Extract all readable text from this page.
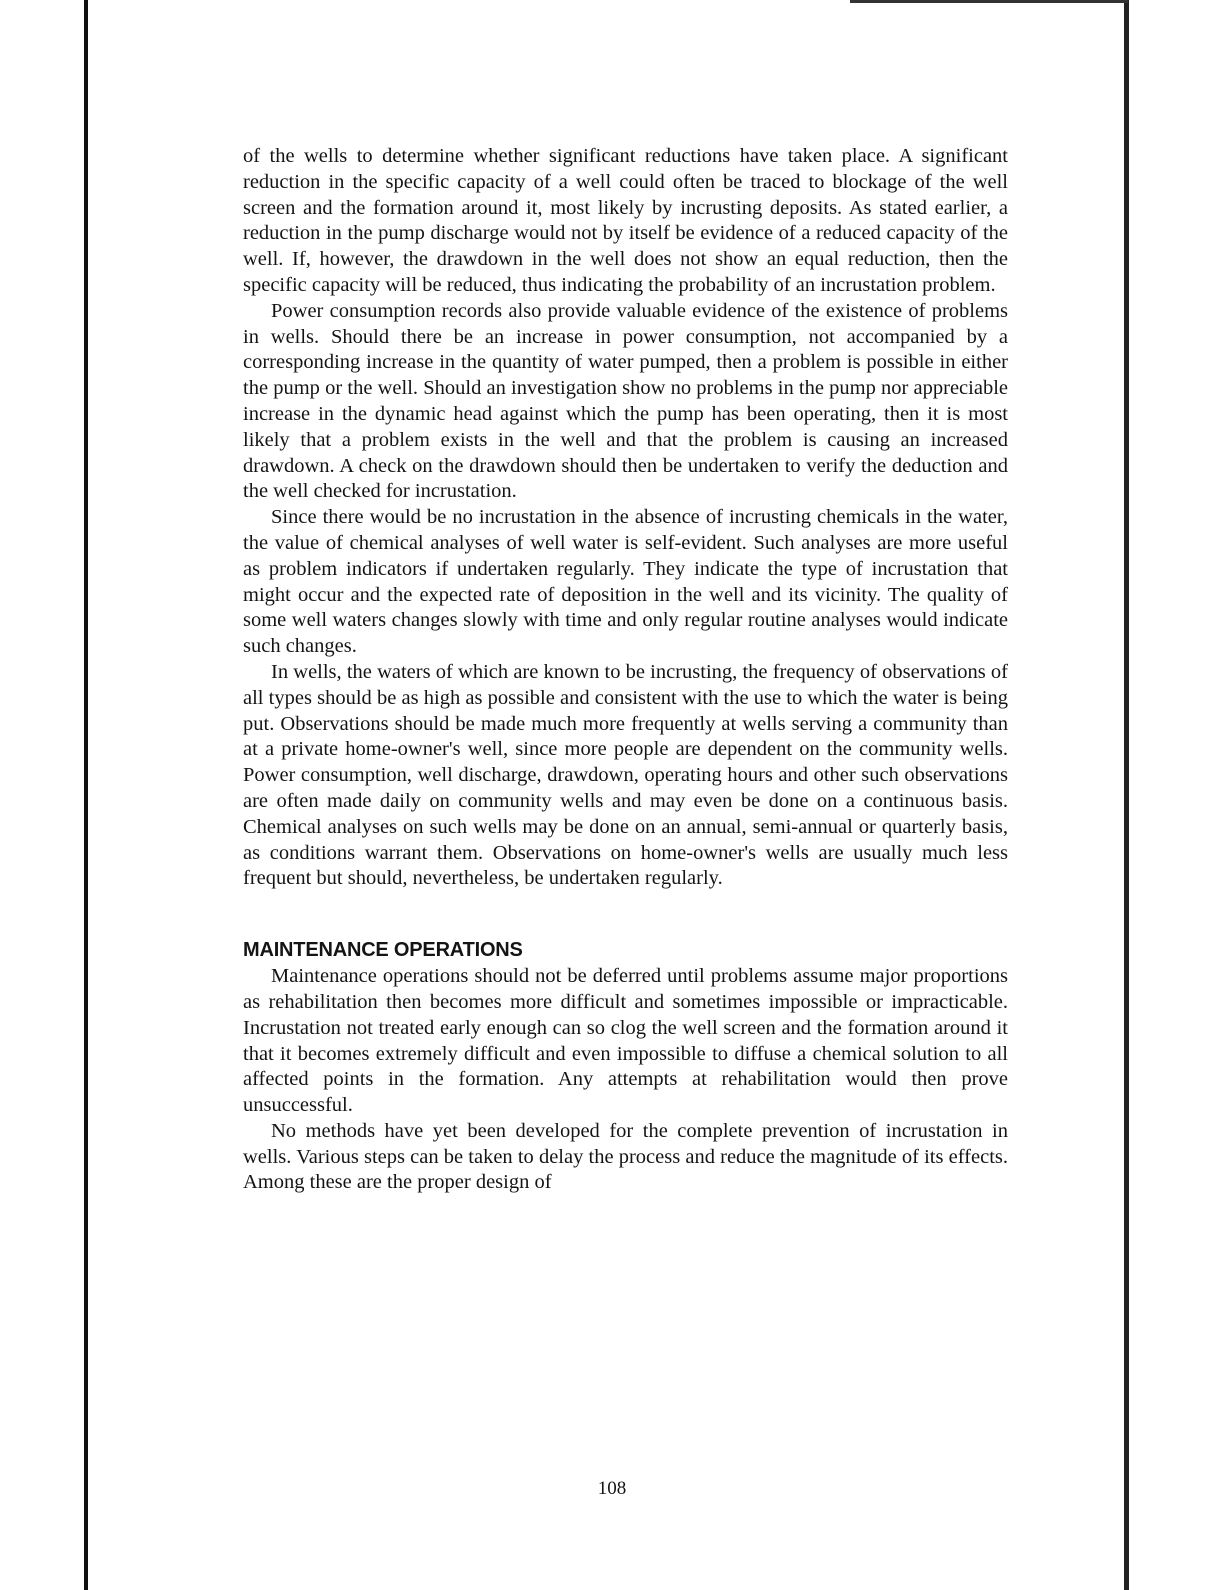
of the wells to determine whether significant reductions have taken place. A significant reduction in the specific capacity of a well could often be traced to blockage of the well screen and the formation around it, most likely by incrusting deposits. As stated earlier, a reduction in the pump discharge would not by itself be evidence of a reduced capacity of the well. If, however, the drawdown in the well does not show an equal reduction, then the specific capacity will be reduced, thus indicating the probability of an incrustation problem.

Power consumption records also provide valuable evidence of the existence of problems in wells. Should there be an increase in power consumption, not accompanied by a corresponding increase in the quantity of water pumped, then a problem is possible in either the pump or the well. Should an investigation show no problems in the pump nor appreciable increase in the dynamic head against which the pump has been operating, then it is most likely that a problem exists in the well and that the problem is causing an increased drawdown. A check on the drawdown should then be undertaken to verify the deduction and the well checked for incrustation.

Since there would be no incrustation in the absence of incrusting chemicals in the water, the value of chemical analyses of well water is self-evident. Such analyses are more useful as problem indicators if undertaken regularly. They indicate the type of incrustation that might occur and the expected rate of deposition in the well and its vicinity. The quality of some well waters changes slowly with time and only regular routine analyses would indicate such changes.

In wells, the waters of which are known to be incrusting, the frequency of observations of all types should be as high as possible and consistent with the use to which the water is being put. Observations should be made much more frequently at wells serving a community than at a private home-owner's well, since more people are dependent on the community wells. Power consumption, well discharge, drawdown, operating hours and other such observations are often made daily on community wells and may even be done on a continuous basis. Chemical analyses on such wells may be done on an annual, semi-annual or quarterly basis, as conditions warrant them. Observations on home-owner's wells are usually much less frequent but should, nevertheless, be undertaken regularly.

MAINTENANCE OPERATIONS

Maintenance operations should not be deferred until problems assume major proportions as rehabilitation then becomes more difficult and sometimes impossible or impracticable. Incrustation not treated early enough can so clog the well screen and the formation around it that it becomes extremely difficult and even impossible to diffuse a chemical solution to all affected points in the formation. Any attempts at rehabilitation would then prove unsuccessful.

No methods have yet been developed for the complete prevention of incrustation in wells. Various steps can be taken to delay the process and reduce the magnitude of its effects. Among these are the proper design of

108
